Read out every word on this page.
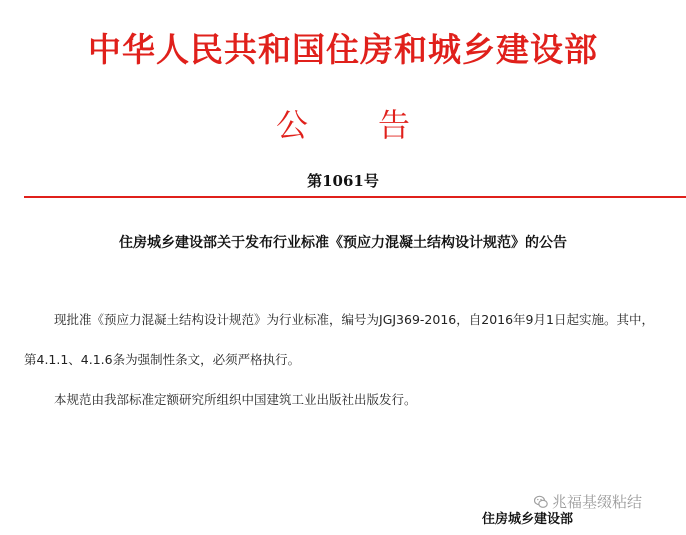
中华人民共和国住房和城乡建设部
公告
第1061号
住房城乡建设部关于发布行业标准《预应力混凝土结构设计规范》的公告
现批准《预应力混凝土结构设计规范》为行业标准，编号为JGJ369-2016，自2016年9月1日起实施。其中，
第4.1.1、4.1.6条为强制性条文，必须严格执行。
本规范由我部标准定额研究所组织中国建筑工业出版社出版发行。
兆福基缀粘结
住房城乡建设部
